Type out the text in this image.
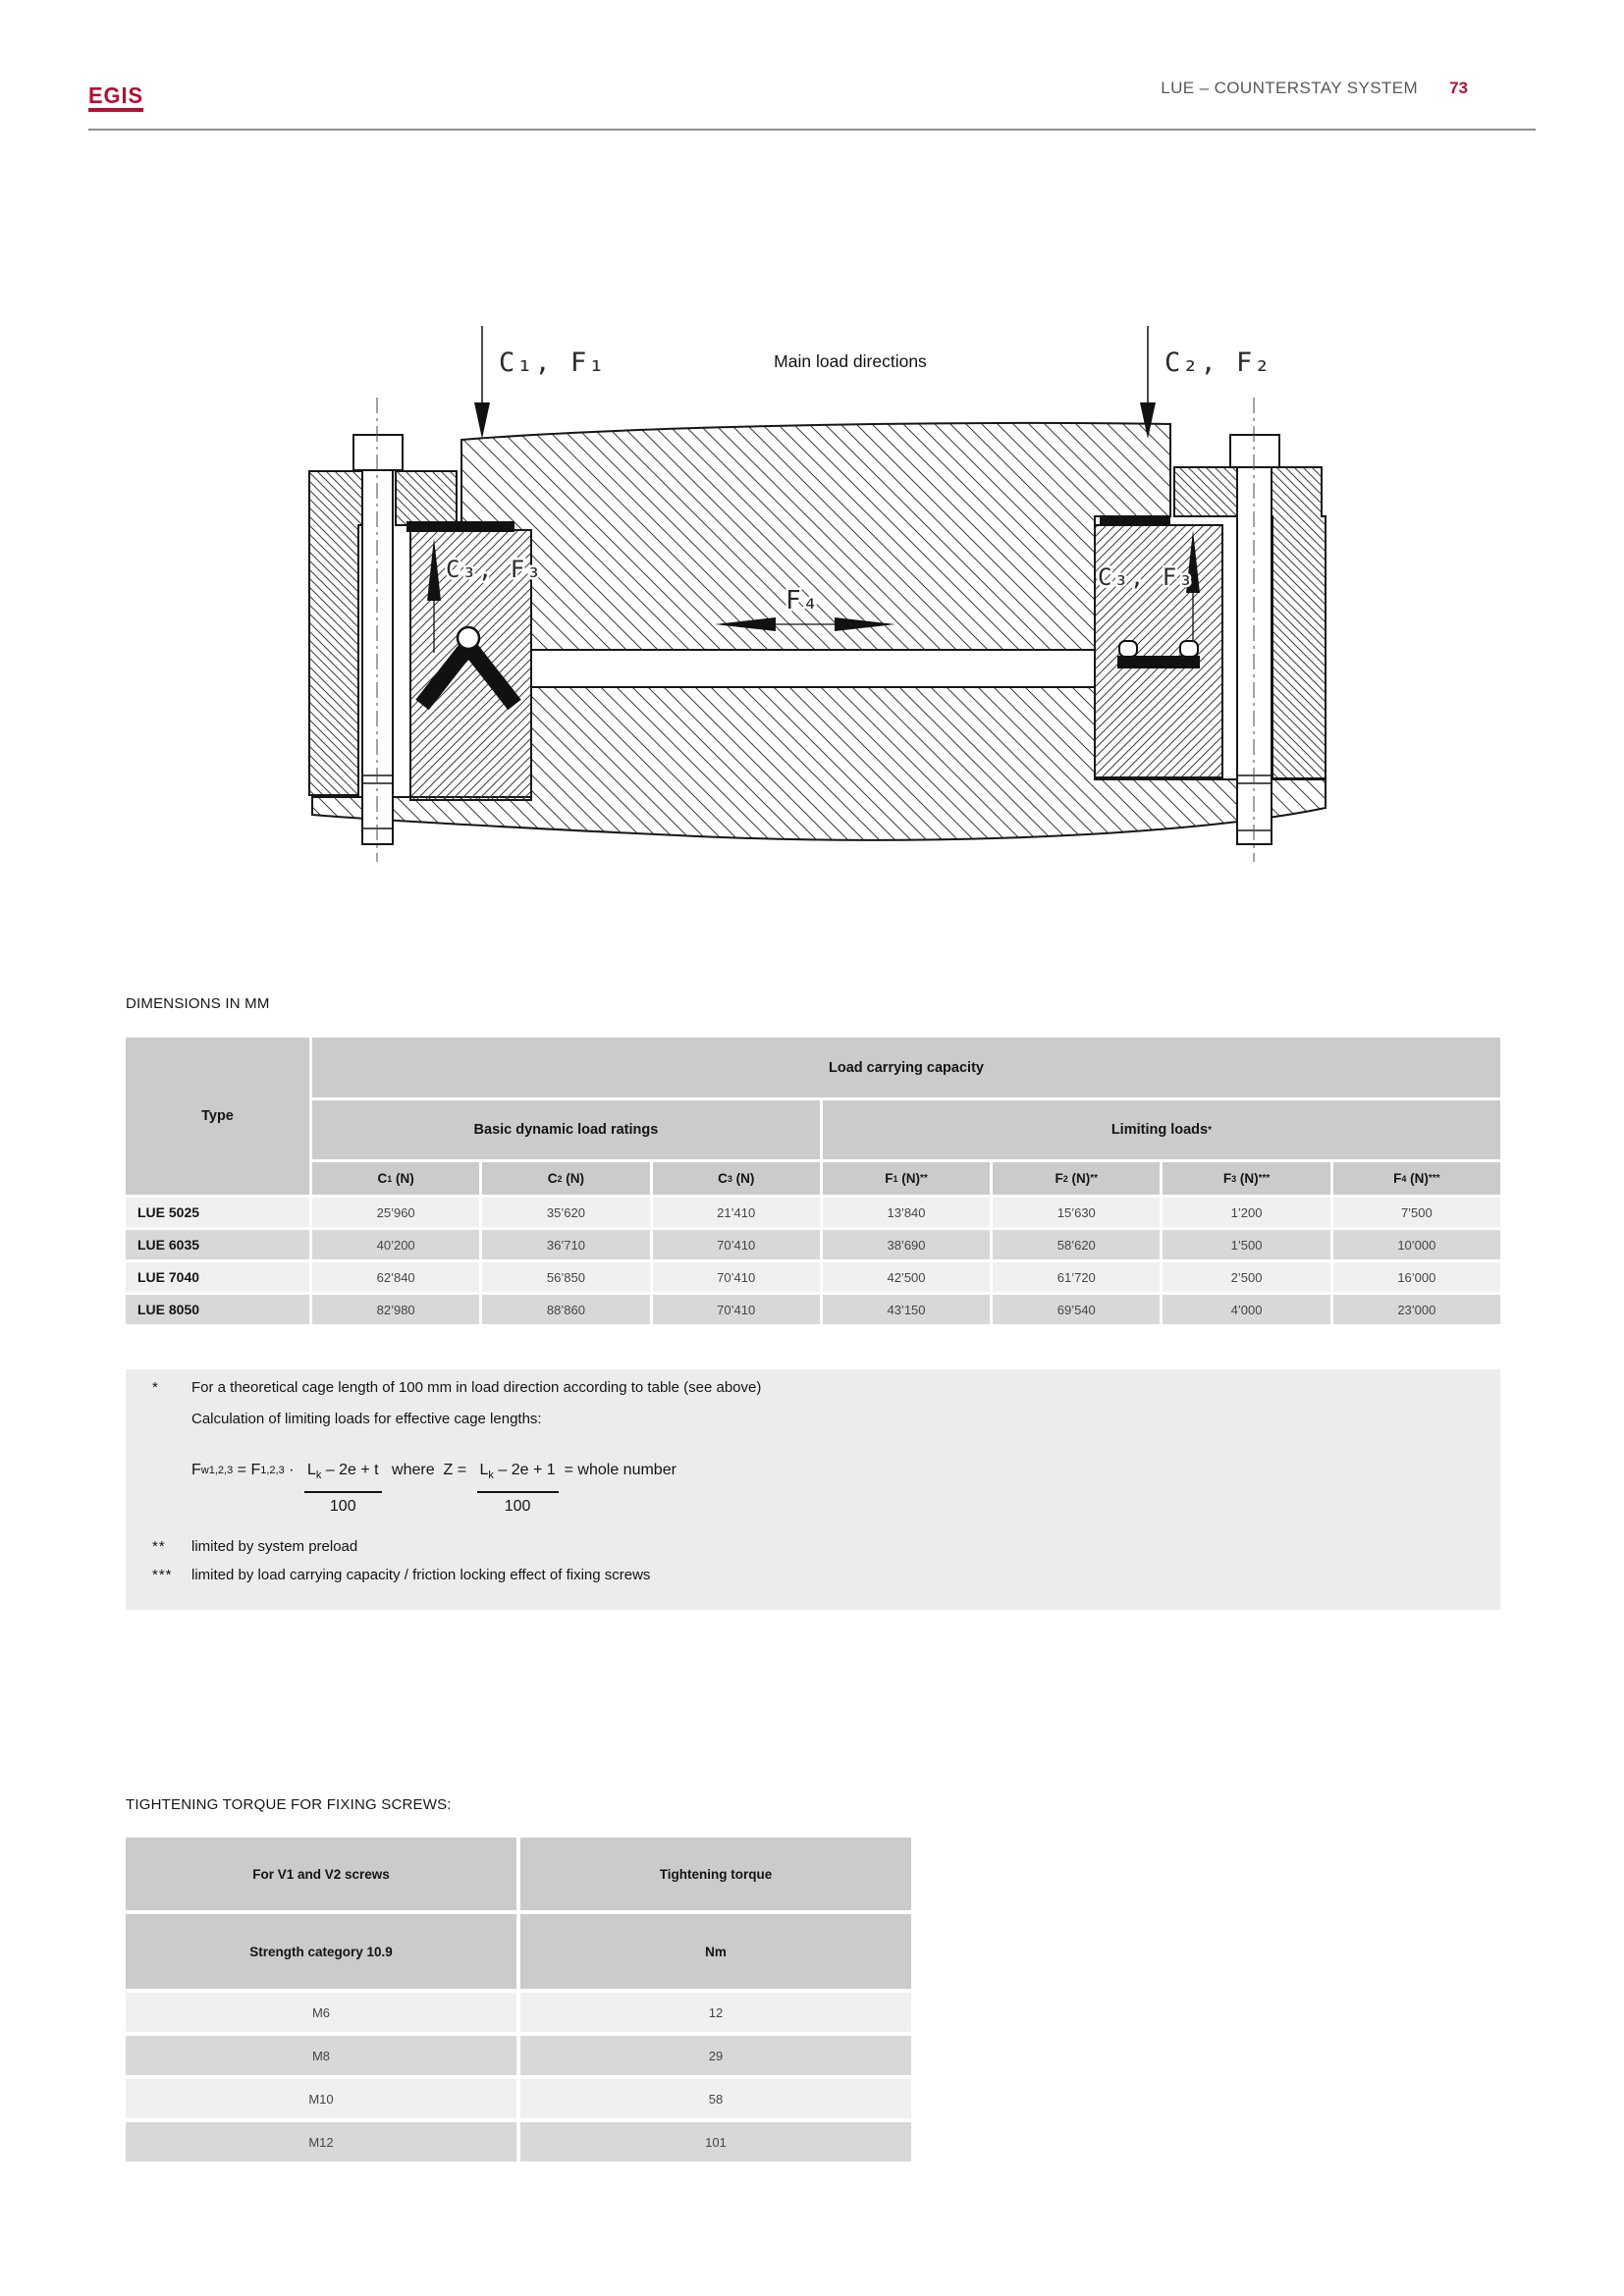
EGIS	LUE – COUNTERSTAY SYSTEM 73
C₁, F₁	Main load directions	C₂, F₂
C₃, F₃	C₃, F₃
F₄
DIMENSIONS IN MM
Type
Load carrying capacity
Basic dynamic load ratings	Limiting loads *
C 1 (N)	C 2 (N)	C 3 (N)	F 1 (N) **	F 2 (N) **	F 3 (N) ***	F 4 (N) ***
LUE 5025	25’960	35’620	21’410	13’840	15’630	1’200	7’500
LUE 6035	40’200	36’710	70’410	38’690	58’620	1’500	10’000
LUE 7040	62’840	56’850	70’410	42’500	61’720	2’500	16’000
LUE 8050	82’980	88’860	70’410	43’150	69’540	4’000	23’000
* For a theoretical cage length of 100 mm in load direction according to table (see above)
Calculation of limiting loads for effective cage lengths:
F w1,2,3 = F $1,2,3 \cdot \frac{L_k - 2e + t}{100}$ where $Z = \frac{L_k - 2e + 1}{100}$ = whole number
** limited by system preload
*** limited by load carrying capacity / friction locking effect of fixing screws
TIGHTENING TORQUE FOR FIXING SCREWS:
For V1 and V2 screws	Tightening torque
Strength category 10.9	Nm
M6	12
M8	29
M10	58
M12	101
